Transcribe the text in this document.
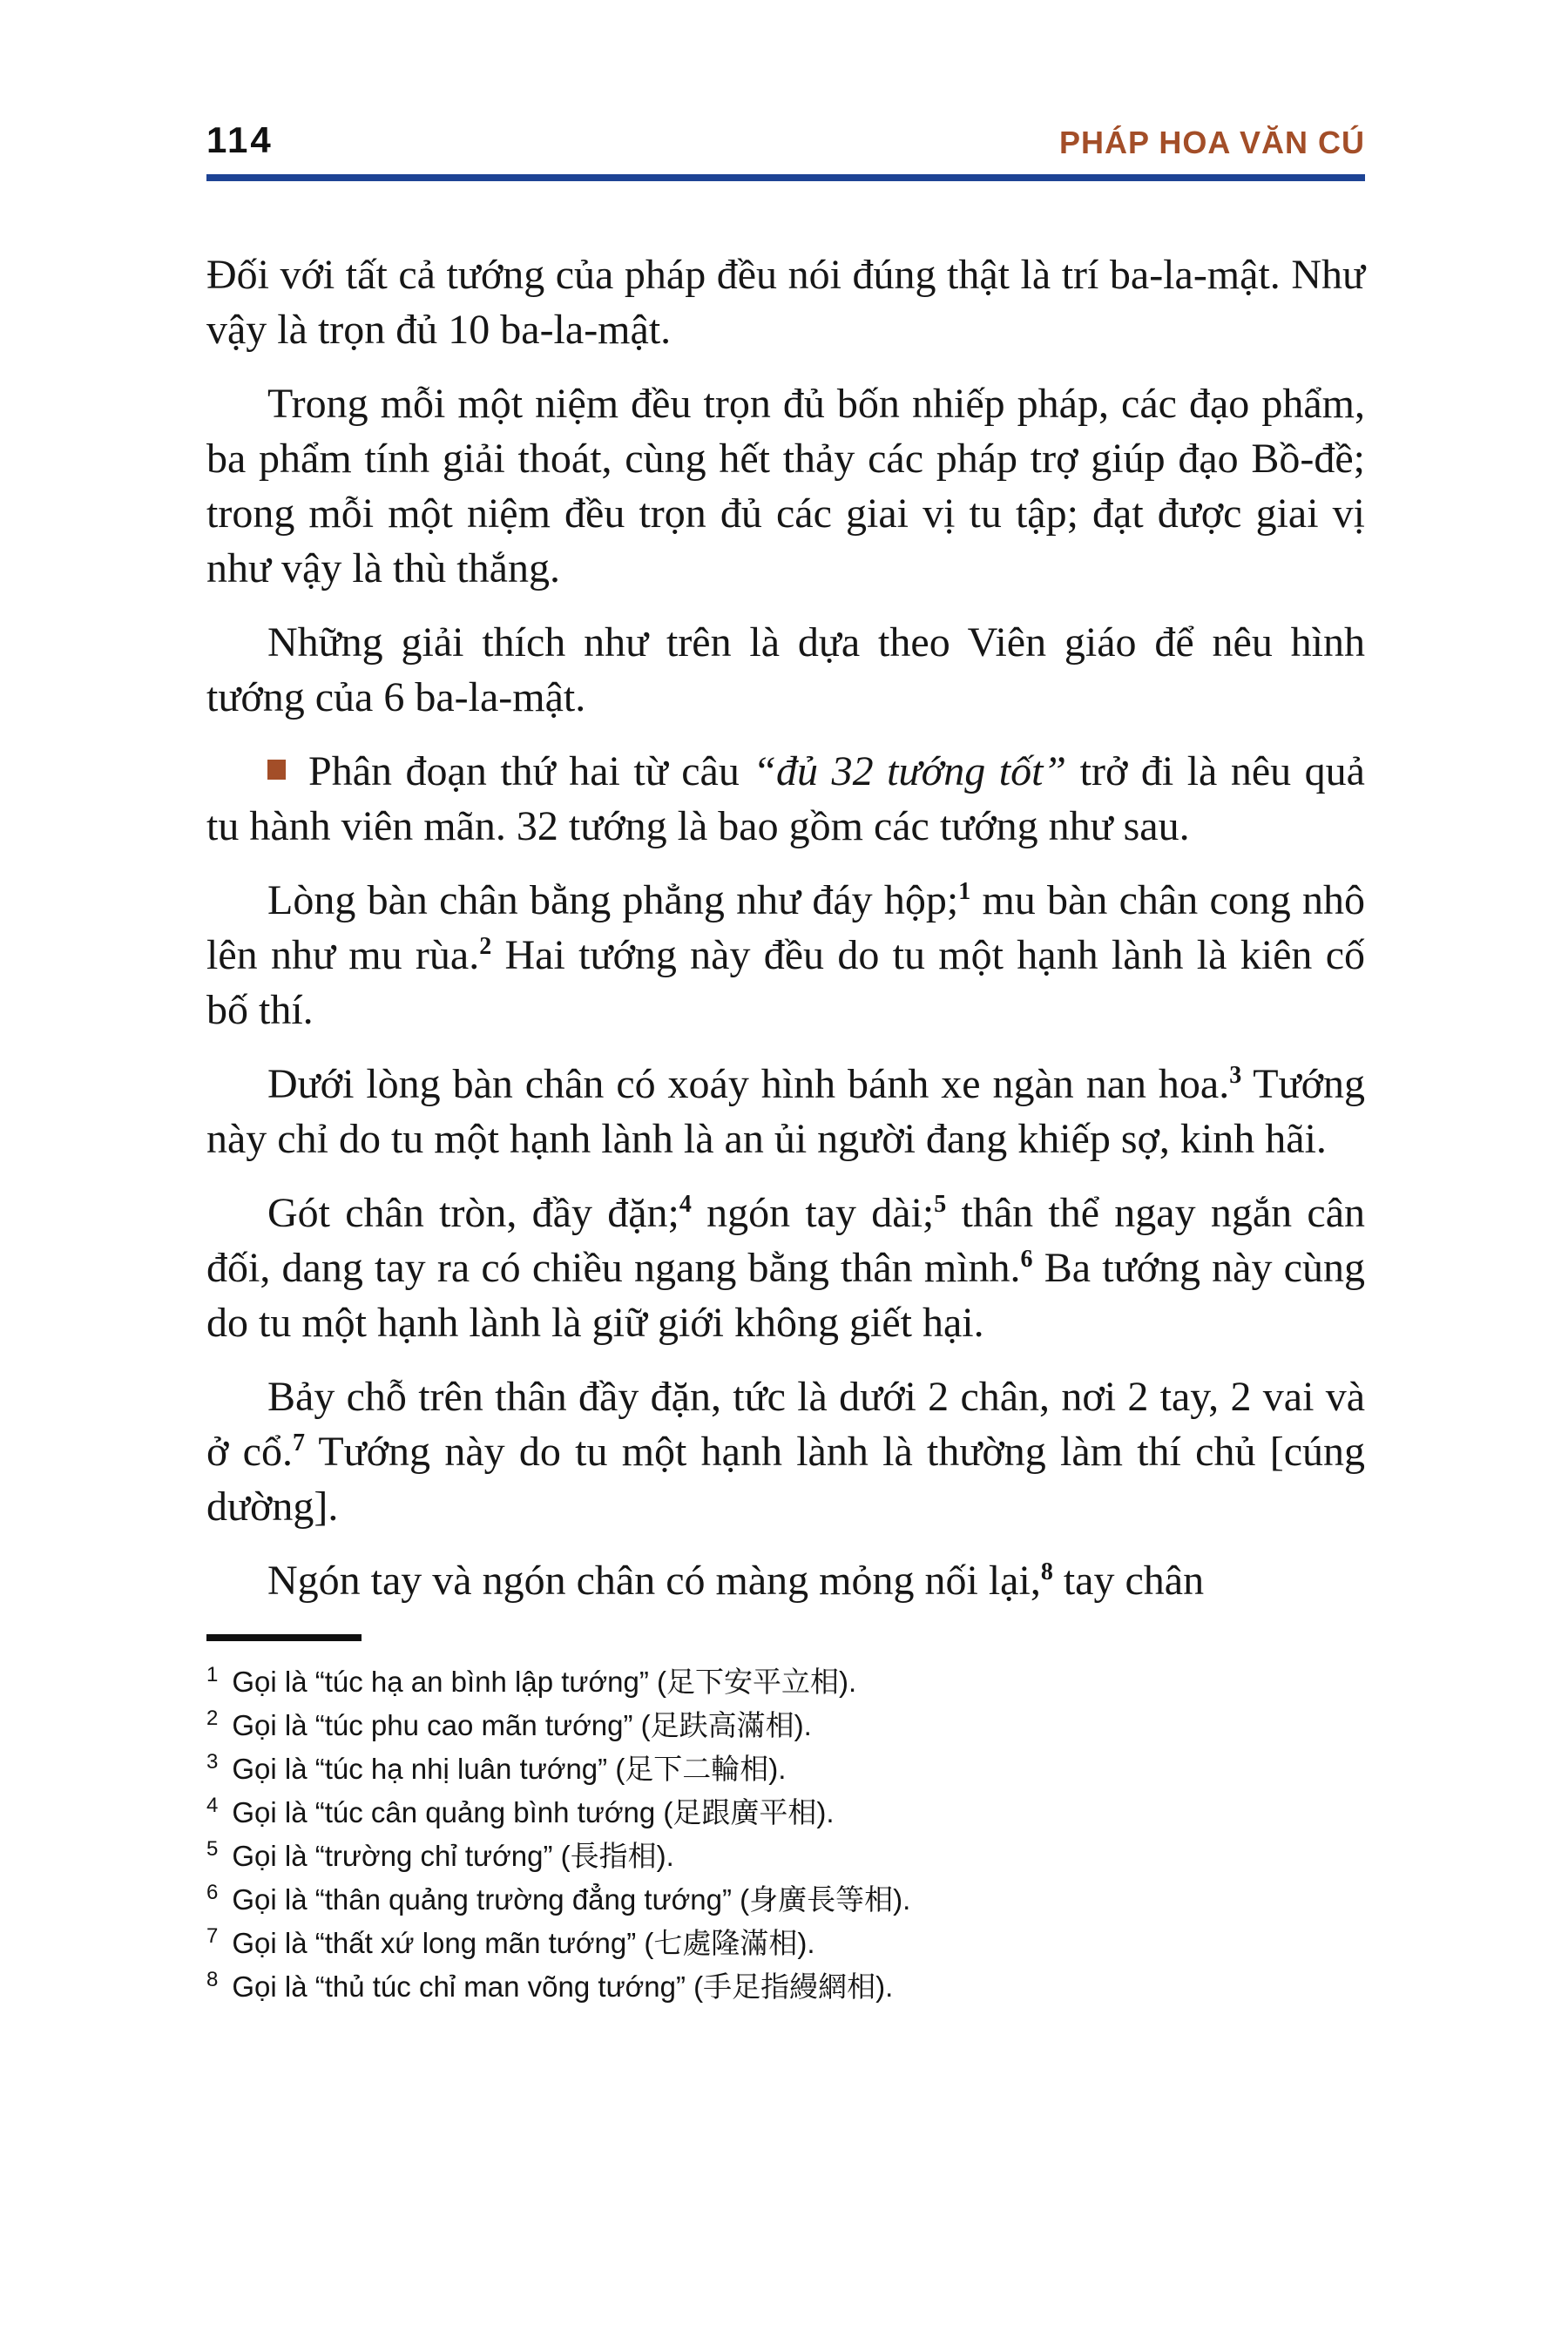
114	PHÁP HOA VĂN CÚ

Đối với tất cả tướng của pháp đều nói đúng thật là trí ba-la-mật. Như vậy là trọn đủ 10 ba-la-mật.

Trong mỗi một niệm đều trọn đủ bốn nhiếp pháp, các đạo phẩm, ba phẩm tính giải thoát, cùng hết thảy các pháp trợ giúp đạo Bồ-đề; trong mỗi một niệm đều trọn đủ các giai vị tu tập; đạt được giai vị như vậy là thù thắng.

Những giải thích như trên là dựa theo Viên giáo để nêu hình tướng của 6 ba-la-mật.

Phân đoạn thứ hai từ câu “đủ 32 tướng tốt” trở đi là nêu quả tu hành viên mãn. 32 tướng là bao gồm các tướng như sau.

Lòng bàn chân bằng phẳng như đáy hộp;$^1$ mu bàn chân cong nhô lên như mu rùa.$^2$ Hai tướng này đều do tu một hạnh lành là kiên cố bố thí.

Dưới lòng bàn chân có xoáy hình bánh xe ngàn nan hoa.$^3$ Tướng này chỉ do tu một hạnh lành là an ủi người đang khiếp sợ, kinh hãi.

Gót chân tròn, đầy đặn;$^4$ ngón tay dài;$^5$ thân thể ngay ngắn cân đối, dang tay ra có chiều ngang bằng thân mình.$^6$ Ba tướng này cùng do tu một hạnh lành là giữ giới không giết hại.

Bảy chỗ trên thân đầy đặn, tức là dưới 2 chân, nơi 2 tay, 2 vai và ở cổ.$^7$ Tướng này do tu một hạnh lành là thường làm thí chủ [cúng dường].

Ngón tay và ngón chân có màng mỏng nối lại,$^8$ tay chân

1 Gọi là “túc hạ an bình lập tướng” (足下安平立相).

2 Gọi là “túc phu cao mãn tướng” (足趺高滿相).

3 Gọi là “túc hạ nhị luân tướng” (足下二輪相).

4 Gọi là “túc cân quảng bình tướng (足跟廣平相).

5 Gọi là “trường chỉ tướng” (長指相).

6 Gọi là “thân quảng trường đẳng tướng” (身廣長等相).

7 Gọi là “thất xứ long mãn tướng” (七處隆滿相).

8 Gọi là “thủ túc chỉ man võng tướng” (手足指縵網相).
